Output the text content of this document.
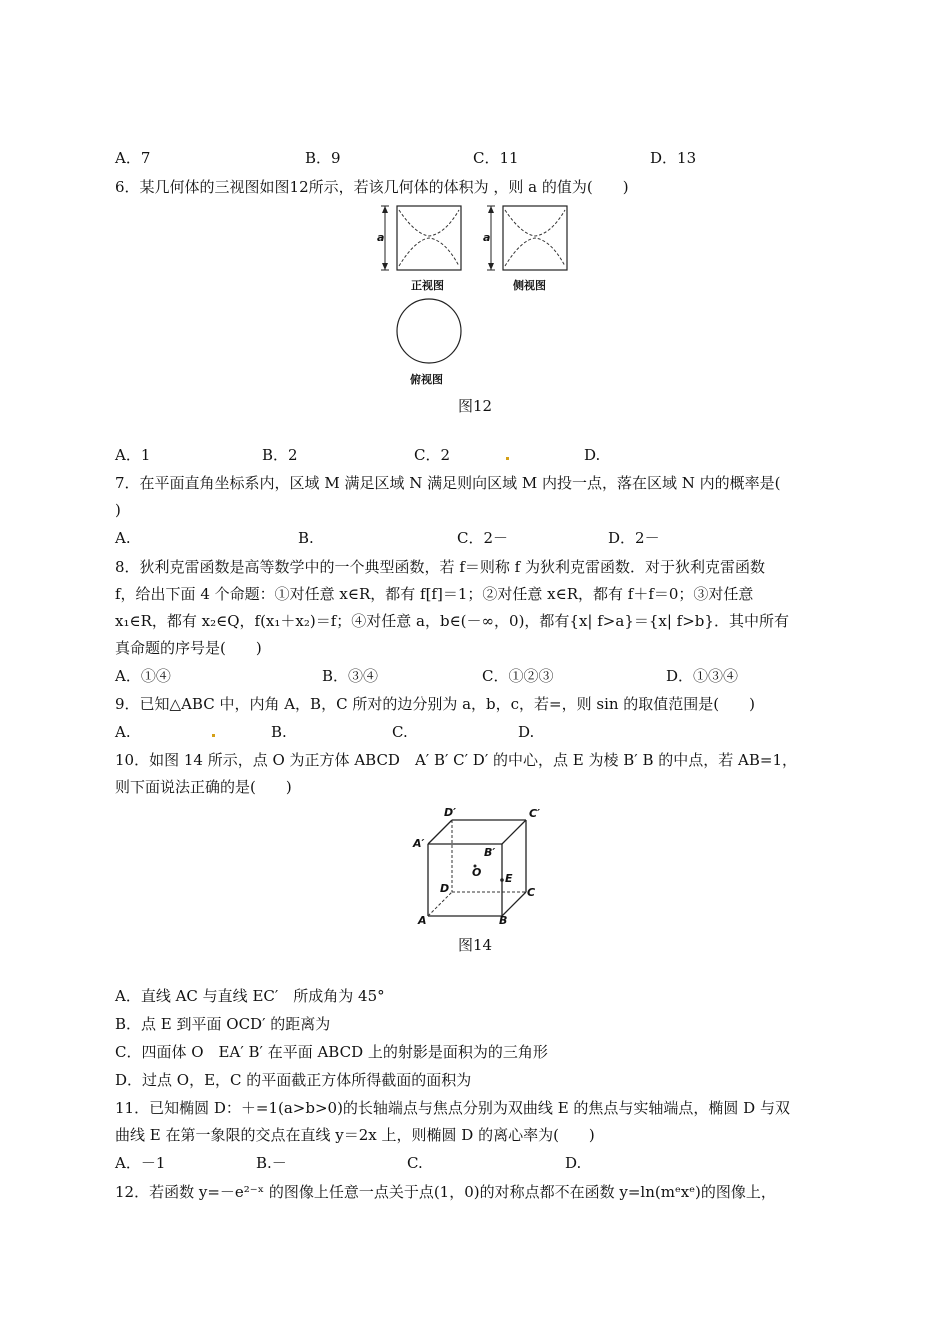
A．7	B．9	C．11	D．13
6．某几何体的三视图如图12所示，若该几何体的体积为 ，则 a 的值为(　　)
a	a
正视图	侧视图
俯视图
图12
A．1	B．2	C．2	D.
7．在平面直角坐标系内，区域 M 满足区域 N 满足则向区域 M 内投一点，落在区域 N 内的概率是(
)
A.	B.	C．2－	D．2－
8．狄利克雷函数是高等数学中的一个典型函数，若 f＝则称 f 为狄利克雷函数．对于狄利克雷函数
f，给出下面 4 个命题：①对任意 x∈R，都有 f[f]＝1；②对任意 x∈R，都有 f＋f＝0；③对任意
x₁∈R，都有 x₂∈Q，f(x₁＋x₂)＝f；④对任意 a，b∈(－∞，0)，都有{x| f>a}＝{x| f>b}．其中所有
真命题的序号是(　　)
A．①④	B．③④	C．①②③	D．①③④
9．已知△ABC 中，内角 A，B，C 所对的边分别为 a，b，c，若=，则 sin 的取值范围是(　　)
A.	B.	C.	D.
10．如图 14 所示，点 O 为正方体 ABCD　A′ B′ C′ D′ 的中心，点 E 为棱 B′ B 的中点，若 AB=1，
则下面说法正确的是(　　)
D′	C′
A′
B′
O E
D	C
A	B
图14
A．直线 AC 与直线 EC′　所成角为 45°
B．点 E 到平面 OCD′ 的距离为
C．四面体 O　EA′ B′ 在平面 ABCD 上的射影是面积为的三角形
D．过点 O，E，C 的平面截正方体所得截面的面积为
11．已知椭圆 D：＋=1(a>b>0)的长轴端点与焦点分别为双曲线 E 的焦点与实轴端点，椭圆 D 与双
曲线 E 在第一象限的交点在直线 y＝2x 上，则椭圆 D 的离心率为(　　)
A．－1	B.－	C.	D.
12．若函数 y=－e²⁻ˣ 的图像上任意一点关于点(1，0)的对称点都不在函数 y=ln(mᵉxᵉ)的图像上，
